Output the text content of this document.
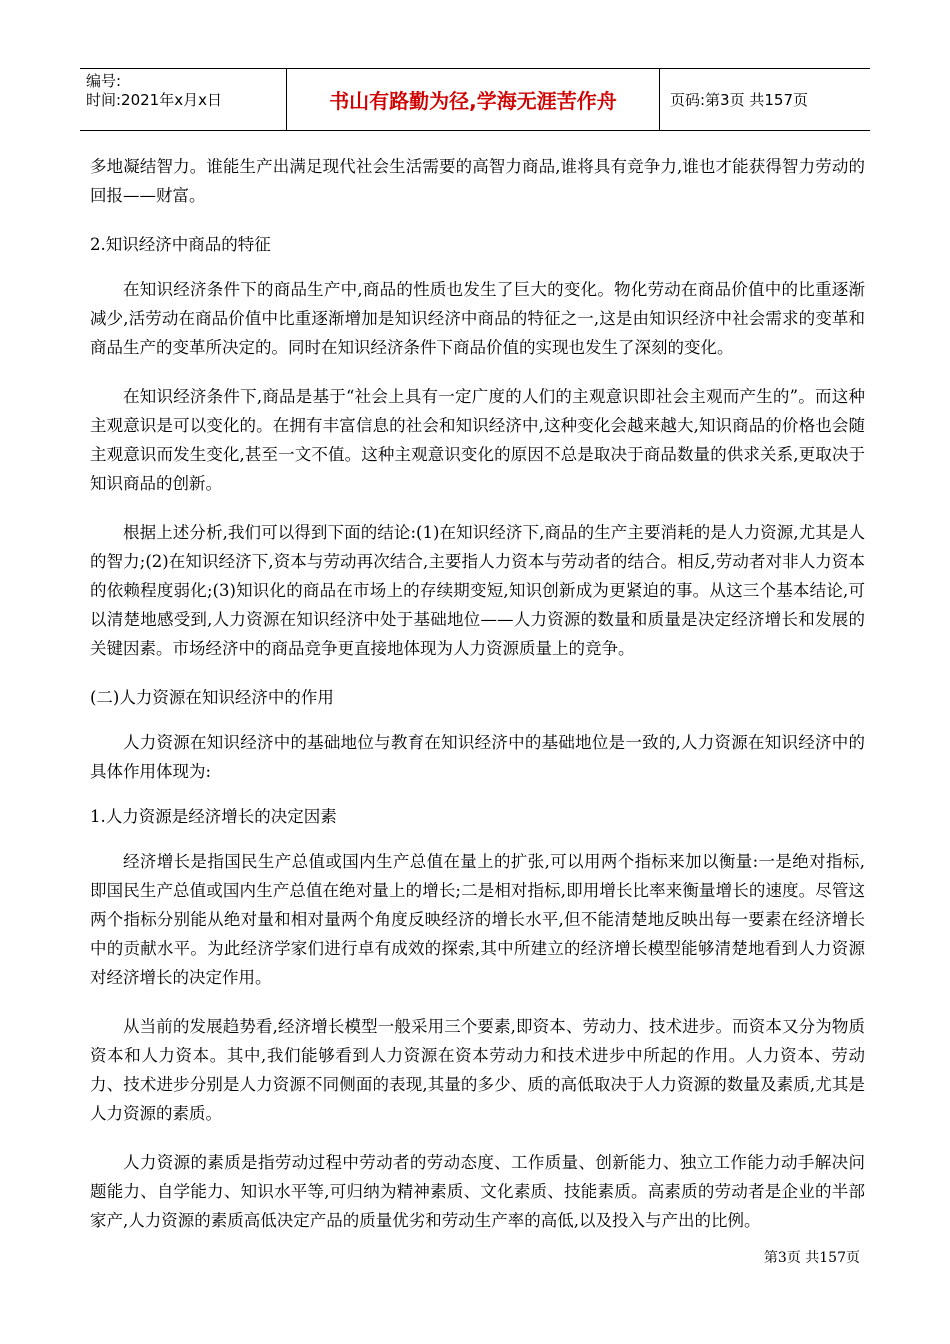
编号:
时间:2021年x月x日	书山有路勤为径,学海无涯苦作舟	页码:第3页 共157页

多地凝结智力。谁能生产出满足现代社会生活需要的高智力商品,谁将具有竞争力,谁也才能获得智力劳动的回报——财富。

2.知识经济中商品的特征

在知识经济条件下的商品生产中,商品的性质也发生了巨大的变化。物化劳动在商品价值中的比重逐渐减少,活劳动在商品价值中比重逐渐增加是知识经济中商品的特征之一,这是由知识经济中社会需求的变革和商品生产的变革所决定的。同时在知识经济条件下商品价值的实现也发生了深刻的变化。

在知识经济条件下,商品是基于“社会上具有一定广度的人们的主观意识即社会主观而产生的”。而这种主观意识是可以变化的。在拥有丰富信息的社会和知识经济中,这种变化会越来越大,知识商品的价格也会随主观意识而发生变化,甚至一文不值。这种主观意识变化的原因不总是取决于商品数量的供求关系,更取决于知识商品的创新。

根据上述分析,我们可以得到下面的结论:(1)在知识经济下,商品的生产主要消耗的是人力资源,尤其是人的智力;(2)在知识经济下,资本与劳动再次结合,主要指人力资本与劳动者的结合。相反,劳动者对非人力资本的依赖程度弱化;(3)知识化的商品在市场上的存续期变短,知识创新成为更紧迫的事。从这三个基本结论,可以清楚地感受到,人力资源在知识经济中处于基础地位——人力资源的数量和质量是决定经济增长和发展的关键因素。市场经济中的商品竞争更直接地体现为人力资源质量上的竞争。

(二)人力资源在知识经济中的作用

人力资源在知识经济中的基础地位与教育在知识经济中的基础地位是一致的,人力资源在知识经济中的具体作用体现为:

1.人力资源是经济增长的决定因素

经济增长是指国民生产总值或国内生产总值在量上的扩张,可以用两个指标来加以衡量:一是绝对指标,即国民生产总值或国内生产总值在绝对量上的增长;二是相对指标,即用增长比率来衡量增长的速度。尽管这两个指标分别能从绝对量和相对量两个角度反映经济的增长水平,但不能清楚地反映出每一要素在经济增长中的贡献水平。为此经济学家们进行卓有成效的探索,其中所建立的经济增长模型能够清楚地看到人力资源对经济增长的决定作用。

从当前的发展趋势看,经济增长模型一般采用三个要素,即资本、劳动力、技术进步。而资本又分为物质资本和人力资本。其中,我们能够看到人力资源在资本劳动力和技术进步中所起的作用。人力资本、劳动力、技术进步分别是人力资源不同侧面的表现,其量的多少、质的高低取决于人力资源的数量及素质,尤其是人力资源的素质。

人力资源的素质是指劳动过程中劳动者的劳动态度、工作质量、创新能力、独立工作能力动手解决问题能力、自学能力、知识水平等,可归纳为精神素质、文化素质、技能素质。高素质的劳动者是企业的半部家产,人力资源的素质高低决定产品的质量优劣和劳动生产率的高低,以及投入与产出的比例。

第3页 共157页
